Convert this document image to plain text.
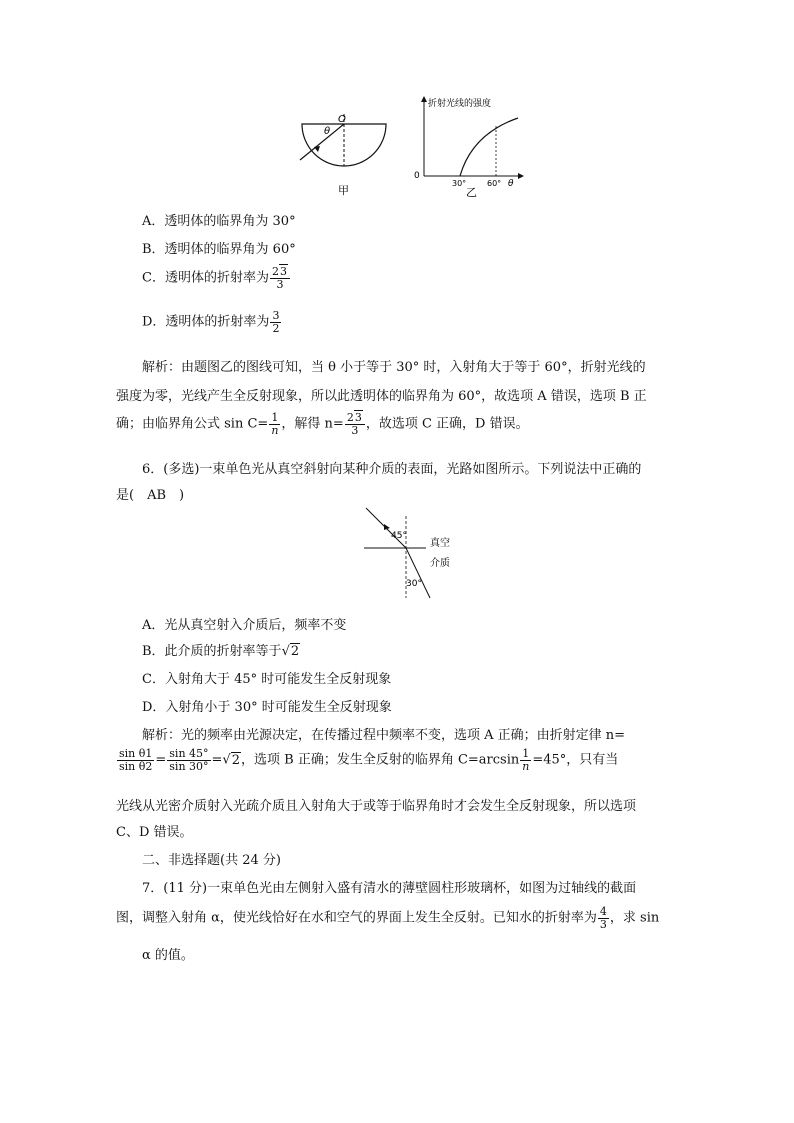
O
θ
甲
折射光线的强度
0
30°	60° θ
乙
A．透明体的临界角为 30°
B．透明体的临界角为 60°
C．透明体的折射率为 $\frac{23}{3}$
D．透明体的折射率为 $\frac{3}{2}$
解析：由题图乙的图线可知，当 θ 小于等于 30° 时，入射角大于等于 60°，折射光线的
强度为零，光线产生全反射现象，所以此透明体的临界角为 60°，故选项 A 错误，选项 B 正
确；由临界角公式 $\sin C= \frac{1}{n}$ ，解得 $n= \frac{23}{3}$ ，故选项 C 正确，D 错误。
6．(多选)一束单色光从真空斜射向某种介质的表面，光路如图所示。下列说法中正确的
是(　AB　)
45°
30°
真空
介质
A．光从真空射入介质后，频率不变
B．此介质的折射率等于√2
C．入射角大于 45° 时可能发生全反射现象
D．入射角小于 30° 时可能发生全反射现象
解析：光的频率由光源决定，在传播过程中频率不变，选项 A 正确；由折射定律 n=
$\frac{\text{sin θ1}}{\text{sin θ2}} = \frac{\sin 45^\circ}{\sin 30^\circ} =√2$，选项 B 正确；发生全反射的临界角 $C=\arcsin \frac{1}{n} =45^\circ$，只有当
光线从光密介质射入光疏介质且入射角大于或等于临界角时才会发生全反射现象，所以选项
C、D 错误。
二、非选择题(共 24 分)
7．(11 分)一束单色光由左侧射入盛有清水的薄壁圆柱形玻璃杯，如图为过轴线的截面
图，调整入射角 α，使光线恰好在水和空气的界面上发生全反射。已知水的折射率为 $\frac{4}{3}$ ，求 sin
α 的值。
